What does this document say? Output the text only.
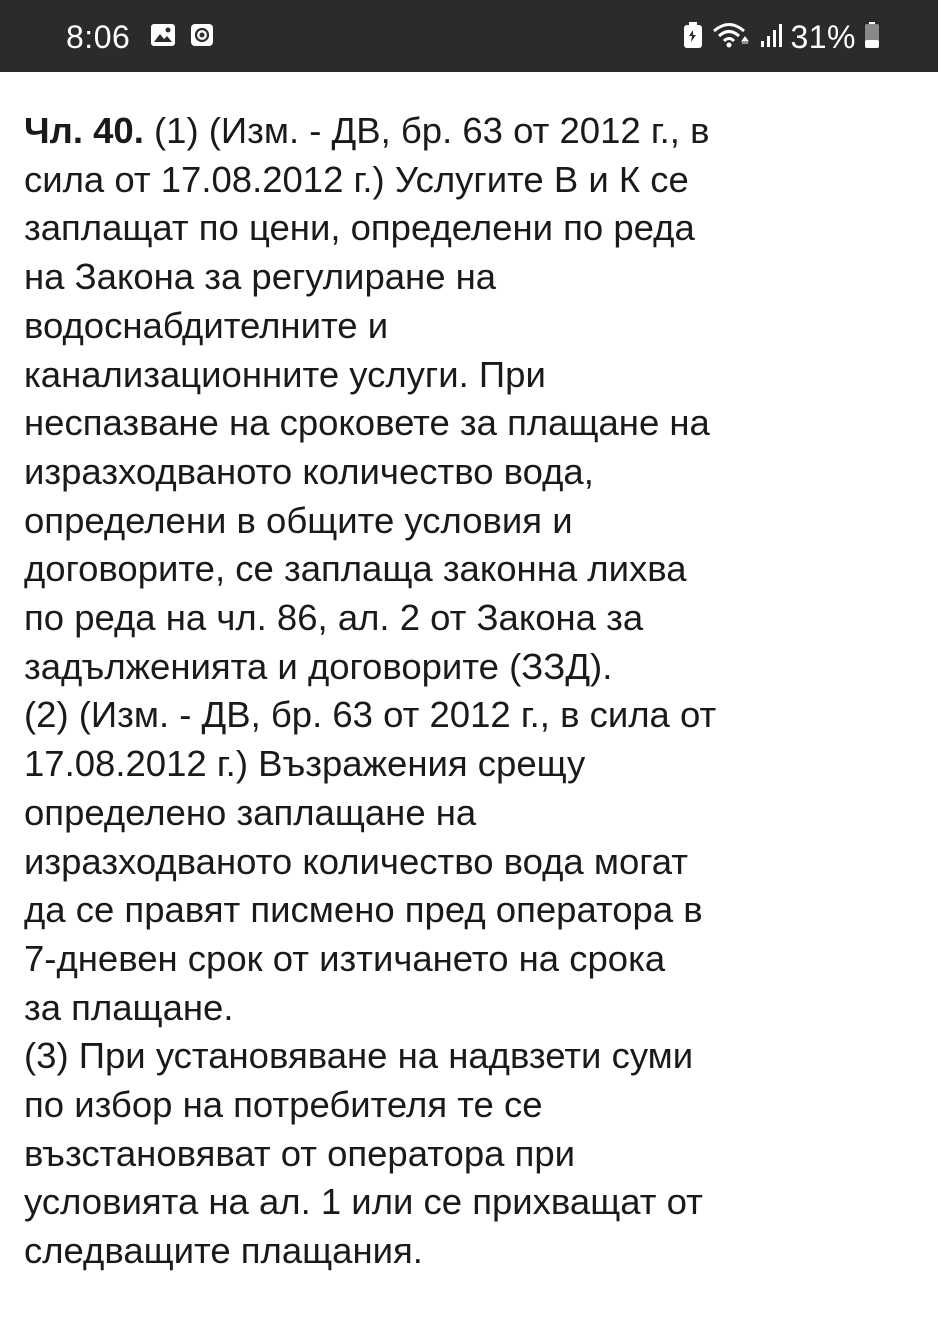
8:06	31%

Чл. 40. (1) (Изм. - ДВ, бр. 63 от 2012 г., в
сила от 17.08.2012 г.) Услугите В и К се
заплащат по цени, определени по реда
на Закона за регулиране на
водоснабдителните и
канализационните услуги. При
неспазване на сроковете за плащане на
изразходваното количество вода,
определени в общите условия и
договорите, се заплаща законна лихва
по реда на чл. 86, ал. 2 от Закона за
задълженията и договорите (ЗЗД).

(2) (Изм. - ДВ, бр. 63 от 2012 г., в сила от
17.08.2012 г.) Възражения срещу
определено заплащане на
изразходваното количество вода могат
да се правят писмено пред оператора в
7-дневен срок от изтичането на срока
за плащане.

(3) При установяване на надвзети суми
по избор на потребителя те се
възстановяват от оператора при
условията на ал. 1 или се прихващат от
следващите плащания.
